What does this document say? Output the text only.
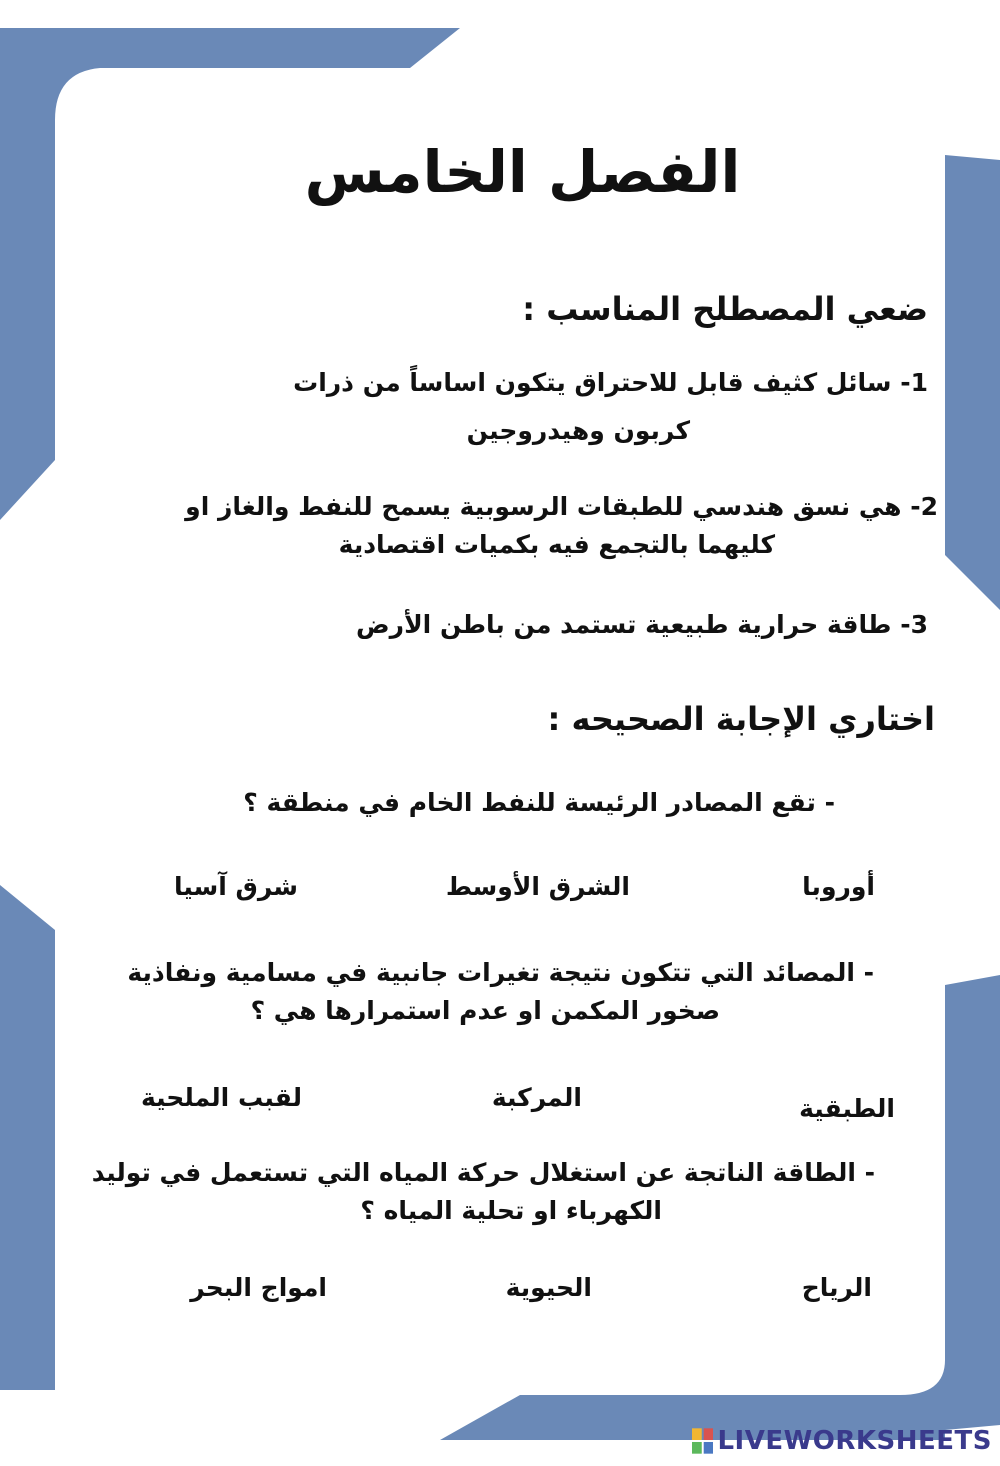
الفصل الخامس
ضعي المصطلح المناسب :
1- سائل كثيف قابل للاحتراق يتكون اساساً من ذرات
كربون وهيدروجين
2- هي نسق هندسي للطبقات الرسوبية يسمح للنفط والغاز او
كليهما بالتجمع فيه بكميات اقتصادية
3- طاقة حرارية طبيعية تستمد من باطن الأرض
اختاري الإجابة الصحيحه :
- تقع المصادر الرئيسة للنفط الخام في منطقة ؟
أوروبا
الشرق الأوسط
شرق آسيا
- المصائد التي تتكون نتيجة تغيرات جانبية في مسامية ونفاذية
صخور المكمن او عدم استمرارها هي ؟
الطبقية
المركبة
لقبب الملحية
- الطاقة الناتجة عن استغلال حركة المياه التي تستعمل في توليد
الكهرباء او تحلية المياه ؟
الرياح
الحيوية
امواج البحر
LIVEWORKSHEETS
